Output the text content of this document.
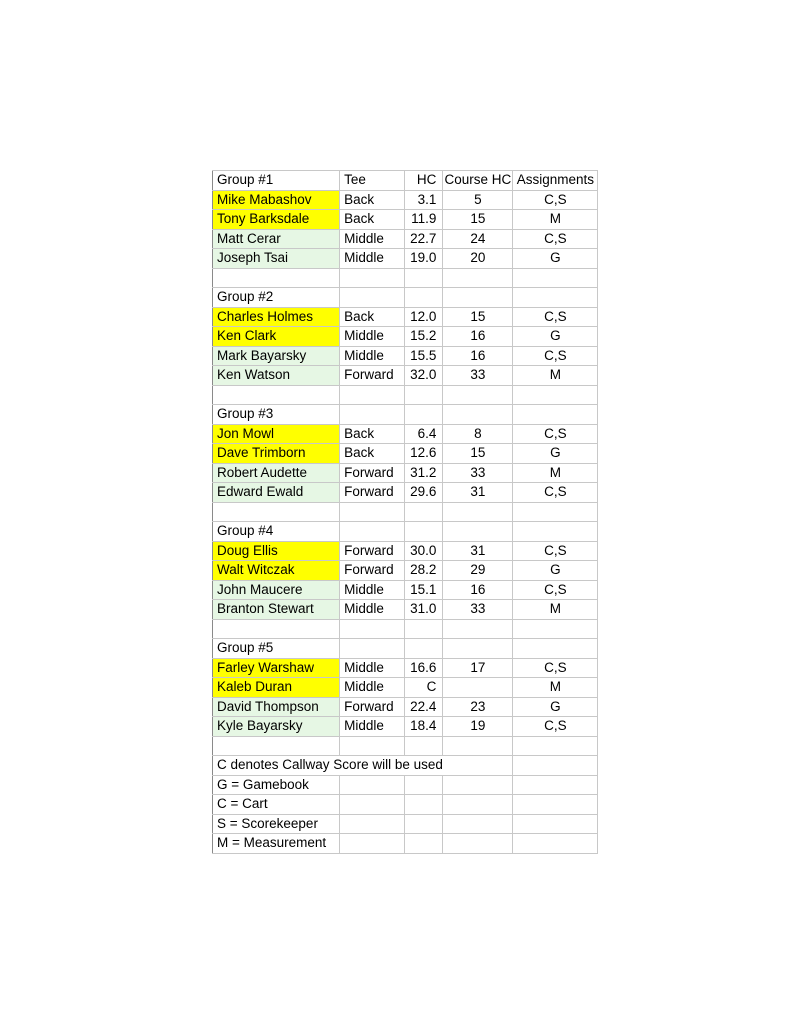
Group #1	Tee	HC	Course HC	Assignments
Mike Mabashov	Back	3.1	5	C,S
Tony Barksdale	Back	11.9	15	M
Matt Cerar	Middle	22.7	24	C,S
Joseph Tsai	Middle	19.0	20	G

Group #2				
Charles Holmes	Back	12.0	15	C,S
Ken Clark	Middle	15.2	16	G
Mark Bayarsky	Middle	15.5	16	C,S
Ken Watson	Forward	32.0	33	M

Group #3				
Jon Mowl	Back	6.4	8	C,S
Dave Trimborn	Back	12.6	15	G
Robert Audette	Forward	31.2	33	M
Edward Ewald	Forward	29.6	31	C,S

Group #4				
Doug Ellis	Forward	30.0	31	C,S
Walt Witczak	Forward	28.2	29	G
John Maucere	Middle	15.1	16	C,S
Branton Stewart	Middle	31.0	33	M

Group #5				
Farley Warshaw	Middle	16.6	17	C,S
Kaleb Duran	Middle	C		M
David Thompson	Forward	22.4	23	G
Kyle Bayarsky	Middle	18.4	19	C,S

C denotes Callway Score will be used				
G = Gamebook				
C = Cart				
S = Scorekeeper				
M = Measurement				
